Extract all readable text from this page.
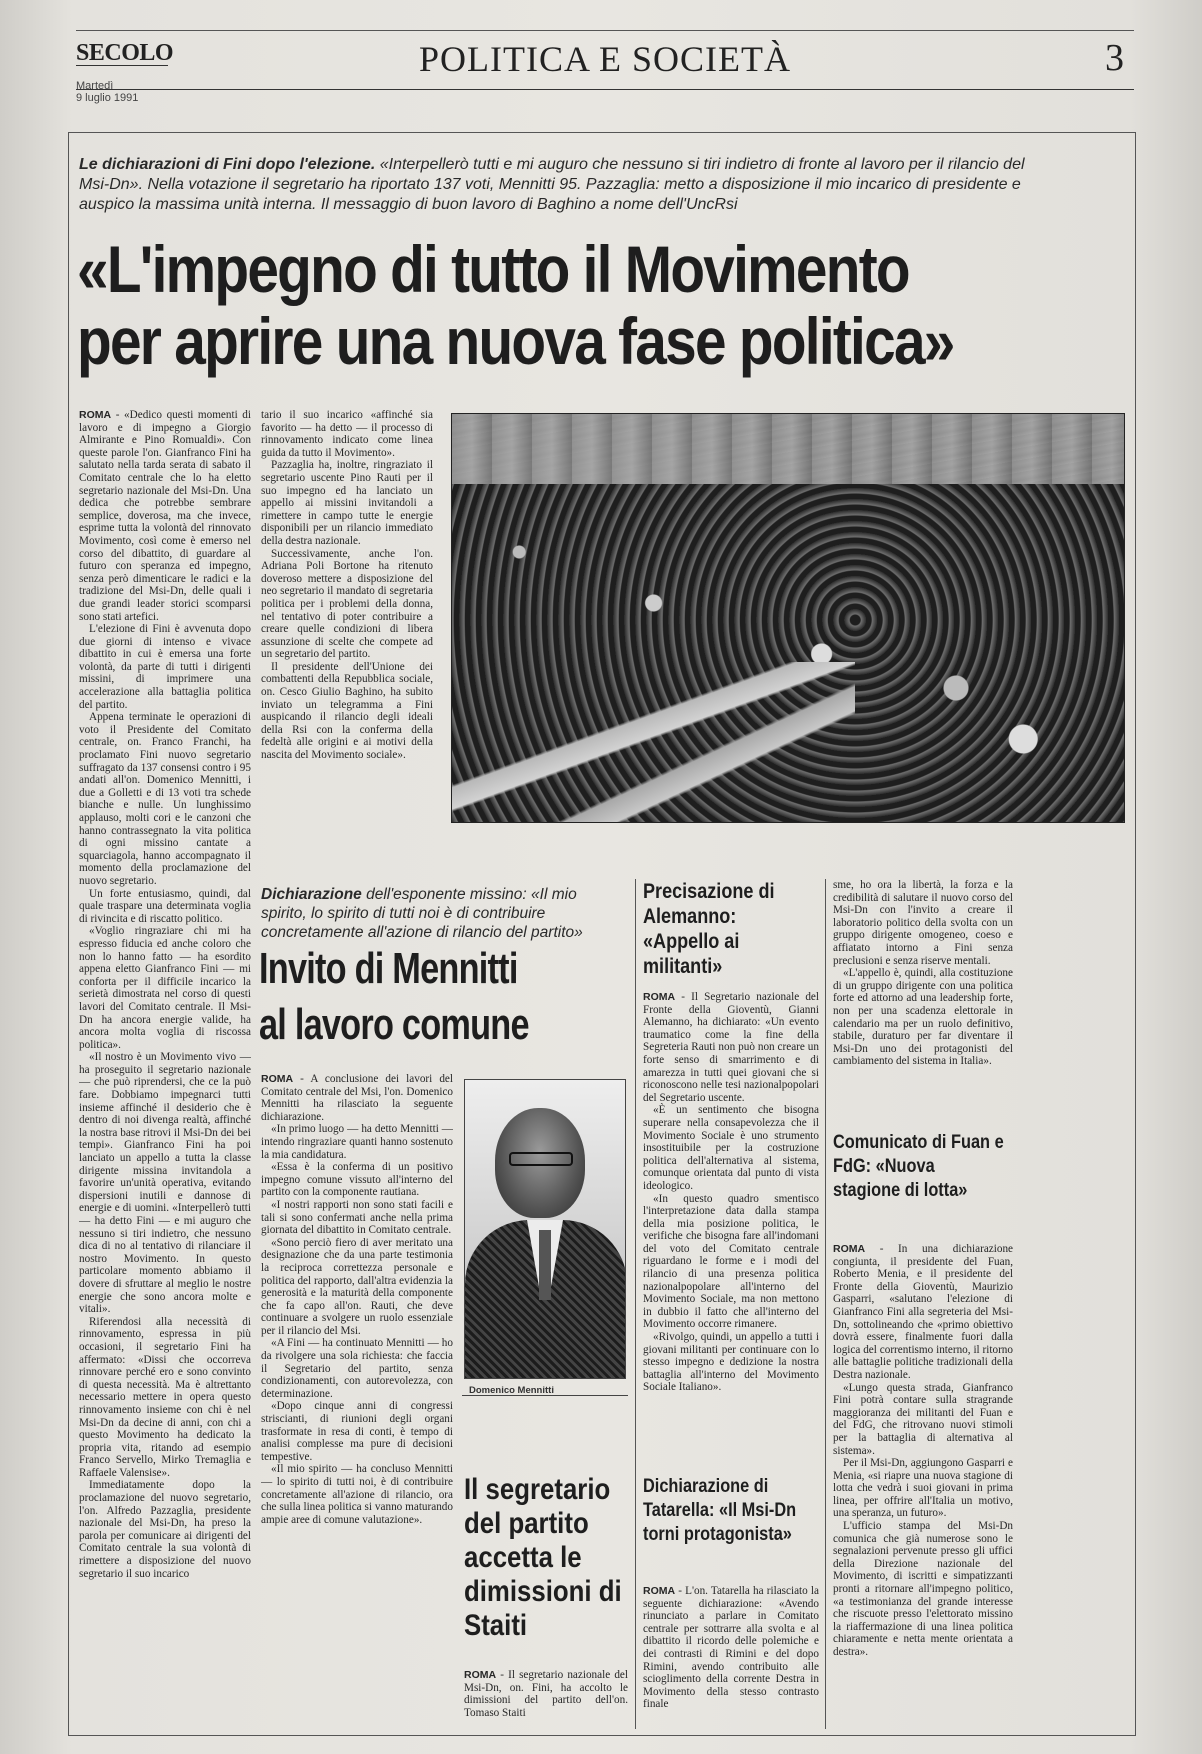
SECOLO
Martedì
9 luglio 1991
POLITICA E SOCIETÀ	3
Le dichiarazioni di Fini dopo l'elezione. «Interpellerò tutti e mi auguro che nessuno si tiri indietro di fronte al lavoro per il rilancio del Msi-Dn». Nella votazione il segretario ha riportato 137 voti, Mennitti 95. Pazzaglia: metto a disposizione il mio incarico di presidente e auspico la massima unità interna. Il messaggio di buon lavoro di Baghino a nome dell'UncRsi
«L'impegno di tutto il Movimento
per aprire una nuova fase politica»

ROMA - «Dedico questi momenti di lavoro e di impegno a Giorgio Almirante e Pino Romualdi». Con queste parole l'on. Gianfranco Fini ha salutato nella tarda serata di sabato il Comitato centrale che lo ha eletto segretario nazionale del Msi-Dn. Una dedica che potrebbe sembrare semplice, doverosa, ma che invece, esprime tutta la volontà del rinnovato Movimento, così come è emerso nel corso del dibattito, di guardare al futuro con speranza ed impegno, senza però dimenticare le radici e la tradizione del Msi-Dn, delle quali i due grandi leader storici scomparsi sono stati artefici.

L'elezione di Fini è avvenuta dopo due giorni di intenso e vivace dibattito in cui è emersa una forte volontà, da parte di tutti i dirigenti missini, di imprimere una accelerazione alla battaglia politica del partito.

Appena terminate le operazioni di voto il Presidente del Comitato centrale, on. Franco Franchi, ha proclamato Fini nuovo segretario suffragato da 137 consensi contro i 95 andati all'on. Domenico Mennitti, i due a Golletti e di 13 voti tra schede bianche e nulle. Un lunghissimo applauso, molti cori e le canzoni che hanno contrassegnato la vita politica di ogni missino cantate a squarciagola, hanno accompagnato il momento della proclamazione del nuovo segretario.

Un forte entusiasmo, quindi, dal quale traspare una determinata voglia di rivincita e di riscatto politico.

«Voglio ringraziare chi mi ha espresso fiducia ed anche coloro che non lo hanno fatto — ha esordito appena eletto Gianfranco Fini — mi conforta per il difficile incarico la serietà dimostrata nel corso di questi lavori del Comitato centrale. Il Msi-Dn ha ancora energie valide, ha ancora molta voglia di riscossa politica».

«Il nostro è un Movimento vivo — ha proseguito il segretario nazionale — che può riprendersi, che ce la può fare. Dobbiamo impegnarci tutti insieme affinché il desiderio che è dentro di noi divenga realtà, affinché la nostra base ritrovi il Msi-Dn dei bei tempi». Gianfranco Fini ha poi lanciato un appello a tutta la classe dirigente missina invitandola a favorire un'unità operativa, evitando dispersioni inutili e dannose di energie e di uomini. «Interpellerò tutti — ha detto Fini — e mi auguro che nessuno si tiri indietro, che nessuno dica di no al tentativo di rilanciare il nostro Movimento. In questo particolare momento abbiamo il dovere di sfruttare al meglio le nostre energie che sono ancora molte e vitali».

Riferendosi alla necessità di rinnovamento, espressa in più occasioni, il segretario Fini ha affermato: «Dissi che occorreva rinnovare perché ero e sono convinto di questa necessità. Ma è altrettanto necessario mettere in opera questo rinnovamento insieme con chi è nel Msi-Dn da decine di anni, con chi a questo Movimento ha dedicato la propria vita, ritando ad esempio Franco Servello, Mirko Tremaglia e Raffaele Valensise».

Immediatamente dopo la proclamazione del nuovo segretario, l'on. Alfredo Pazzaglia, presidente nazionale del Msi-Dn, ha preso la parola per comunicare ai dirigenti del Comitato centrale la sua volontà di rimettere a disposizione del nuovo segretario il suo incarico

tario il suo incarico «affinché sia favorito — ha detto — il processo di rinnovamento indicato come linea guida da tutto il Movimento».

Pazzaglia ha, inoltre, ringraziato il segretario uscente Pino Rauti per il suo impegno ed ha lanciato un appello ai missini invitandoli a rimettere in campo tutte le energie disponibili per un rilancio immediato della destra nazionale.

Successivamente, anche l'on. Adriana Poli Bortone ha ritenuto doveroso mettere a disposizione del neo segretario il mandato di segretaria politica per i problemi della donna, nel tentativo di poter contribuire a creare quelle condizioni di libera assunzione di scelte che compete ad un segretario del partito.

Il presidente dell'Unione dei combattenti della Repubblica sociale, on. Cesco Giulio Baghino, ha subito inviato un telegramma a Fini auspicando il rilancio degli ideali della Rsi con la conferma della fedeltà alle origini e ai motivi della nascita del Movimento sociale».

Dichiarazione dell'esponente missino: «Il mio spirito, lo spirito di tutti noi è di contribuire concretamente all'azione di rilancio del partito»
Invito di Mennitti
al lavoro comune

ROMA - A conclusione dei lavori del Comitato centrale del Msi, l'on. Domenico Mennitti ha rilasciato la seguente dichiarazione.

«In primo luogo — ha detto Mennitti — intendo ringraziare quanti hanno sostenuto la mia candidatura.

«Essa è la conferma di un positivo impegno comune vissuto all'interno del partito con la componente rautiana.

«I nostri rapporti non sono stati facili e tali si sono confermati anche nella prima giornata del dibattito in Comitato centrale.

«Sono perciò fiero di aver meritato una designazione che da una parte testimonia la reciproca correttezza personale e politica del rapporto, dall'altra evidenzia la generosità e la maturità della componente che fa capo all'on. Rauti, che deve continuare a svolgere un ruolo essenziale per il rilancio del Msi.

«A Fini — ha continuato Mennitti — ho da rivolgere una sola richiesta: che faccia il Segretario del partito, senza condizionamenti, con autorevolezza, con determinazione.

«Dopo cinque anni di congressi striscianti, di riunioni degli organi trasformate in resa di conti, è tempo di analisi complesse ma pure di decisioni tempestive.

«Il mio spirito — ha concluso Mennitti — lo spirito di tutti noi, è di contribuire concretamente all'azione di rilancio, ora che sulla linea politica si vanno maturando ampie aree di comune valutazione».

Domenico Mennitti
Il segretario del partito accetta le dimissioni di Staiti

ROMA - Il segretario nazionale del Msi-Dn, on. Fini, ha accolto le dimissioni del partito dell'on. Tomaso Staiti

Precisazione di Alemanno: «Appello ai militanti»

ROMA - Il Segretario nazionale del Fronte della Gioventù, Gianni Alemanno, ha dichiarato: «Un evento traumatico come la fine della Segreteria Rauti non può non creare un forte senso di smarrimento e di amarezza in tutti quei giovani che si riconoscono nelle tesi nazionalpopolari del Segretario uscente.

«È un sentimento che bisogna superare nella consapevolezza che il Movimento Sociale è uno strumento insostituibile per la costruzione politica dell'alternativa al sistema, comunque orientata dal punto di vista ideologico.

«In questo quadro smentisco l'interpretazione data dalla stampa della mia posizione politica, le verifiche che bisogna fare all'indomani del voto del Comitato centrale riguardano le forme e i modi del rilancio di una presenza politica nazionalpopolare all'interno del Movimento Sociale, ma non mettono in dubbio il fatto che all'interno del Movimento occorre rimanere.

«Rivolgo, quindi, un appello a tutti i giovani militanti per continuare con lo stesso impegno e dedizione la nostra battaglia all'interno del Movimento Sociale Italiano».

Dichiarazione di Tatarella: «Il Msi-Dn torni protagonista»

ROMA - L'on. Tatarella ha rilasciato la seguente dichiarazione: «Avendo rinunciato a parlare in Comitato centrale per sottrarre alla svolta e al dibattito il ricordo delle polemiche e dei contrasti di Rimini e del dopo Rimini, avendo contribuito alle scioglimento della corrente Destra in Movimento della stesso contrasto finale

sme, ho ora la libertà, la forza e la credibilità di salutare il nuovo corso del Msi-Dn con l'invito a creare il laboratorio politico della svolta con un gruppo dirigente omogeneo, coeso e affiatato intorno a Fini senza preclusioni e senza riserve mentali.

«L'appello è, quindi, alla costituzione di un gruppo dirigente con una politica forte ed attorno ad una leadership forte, non per una scadenza elettorale in calendario ma per un ruolo definitivo, stabile, duraturo per far diventare il Msi-Dn uno dei protagonisti del cambiamento del sistema in Italia».

Comunicato di Fuan e FdG: «Nuova stagione di lotta»

ROMA - In una dichiarazione congiunta, il presidente del Fuan, Roberto Menia, e il presidente del Fronte della Gioventù, Maurizio Gasparri, «salutano l'elezione di Gianfranco Fini alla segreteria del Msi-Dn, sottolineando che «primo obiettivo dovrà essere, finalmente fuori dalla logica del correntismo interno, il ritorno alle battaglie politiche tradizionali della Destra nazionale.

«Lungo questa strada, Gianfranco Fini potrà contare sulla stragrande maggioranza dei militanti del Fuan e del FdG, che ritrovano nuovi stimoli per la battaglia di alternativa al sistema».

Per il Msi-Dn, aggiungono Gasparri e Menia, «si riapre una nuova stagione di lotta che vedrà i suoi giovani in prima linea, per offrire all'Italia un motivo, una speranza, un futuro».

L'ufficio stampa del Msi-Dn comunica che già numerose sono le segnalazioni pervenute presso gli uffici della Direzione nazionale del Movimento, di iscritti e simpatizzanti pronti a ritornare all'impegno politico, «a testimonianza del grande interesse che riscuote presso l'elettorato missino la riaffermazione di una linea politica chiaramente e netta mente orientata a destra».
